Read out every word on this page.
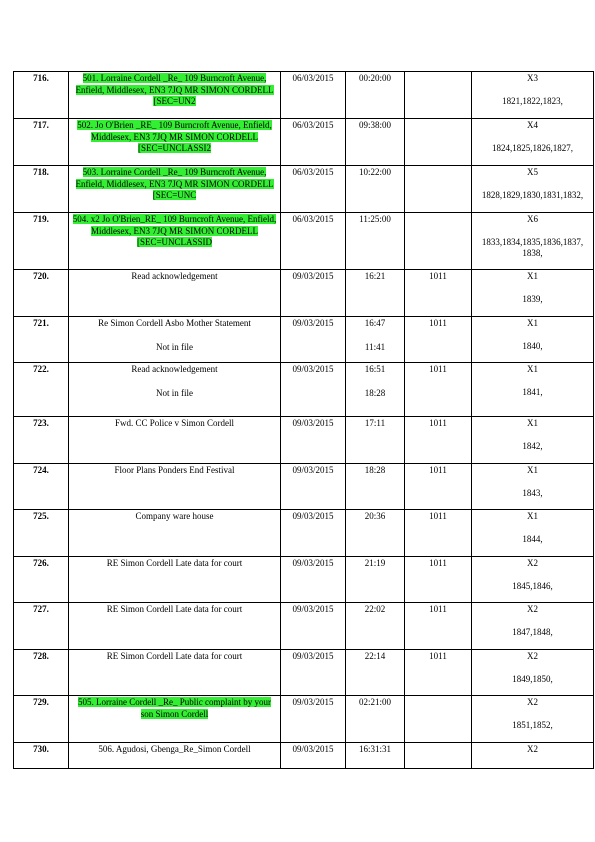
716.	501. Lorraine Cordell _Re_ 109 Burncroft Avenue, Enfield, Middlesex, EN3 7JQ MR SIMON CORDELL [SEC=UN2	06/03/2015	00:20:00		X3
1821,1822,1823,

717.	502. Jo O'Brien _RE_ 109 Burncroft Avenue, Enfield, Middlesex, EN3 7JQ MR SIMON CORDELL [SEC=UNCLASSI2	06/03/2015	09:38:00		X4
1824,1825,1826,1827,

718.	503. Lorraine Cordell _Re_ 109 Burncroft Avenue, Enfield, Middlesex, EN3 7JQ MR SIMON CORDELL [SEC=UNC	06/03/2015	10:22:00		X5
1828,1829,1830,1831,1832,

719.	504. x2 Jo O'Brien_RE_ 109 Burncroft Avenue, Enfield, Middlesex, EN3 7JQ MR SIMON CORDELL [SEC=UNCLASSID	06/03/2015	11:25:00		X6
1833,1834,1835,1836,1837, 1838,

720.	Read acknowledgement	09/03/2015	16:21	1011	X1
1839,

721.	Re Simon Cordell Asbo Mother Statement
Not in file	09/03/2015	16:47
11:41	1011	X1
1840,

722.	Read acknowledgement
Not in file	09/03/2015	16:51
18:28	1011	X1
1841,

723.	Fwd. CC Police v Simon Cordell	09/03/2015	17:11	1011	X1
1842,

724.	Floor Plans Ponders End Festival	09/03/2015	18:28	1011	X1
1843,

725.	Company ware house	09/03/2015	20:36	1011	X1
1844,

726.	RE Simon Cordell Late data for court	09/03/2015	21:19	1011	X2
1845,1846,

727.	RE Simon Cordell Late data for court	09/03/2015	22:02	1011	X2
1847,1848,

728.	RE Simon Cordell Late data for court	09/03/2015	22:14	1011	X2
1849,1850,

729.	505. Lorraine Cordell _Re_ Public complaint by your son Simon Cordell	09/03/2015	02:21:00		X2
1851,1852,

730.	506. Agudosi, Gbenga_Re_Simon Cordell	09/03/2015	16:31:31		X2
